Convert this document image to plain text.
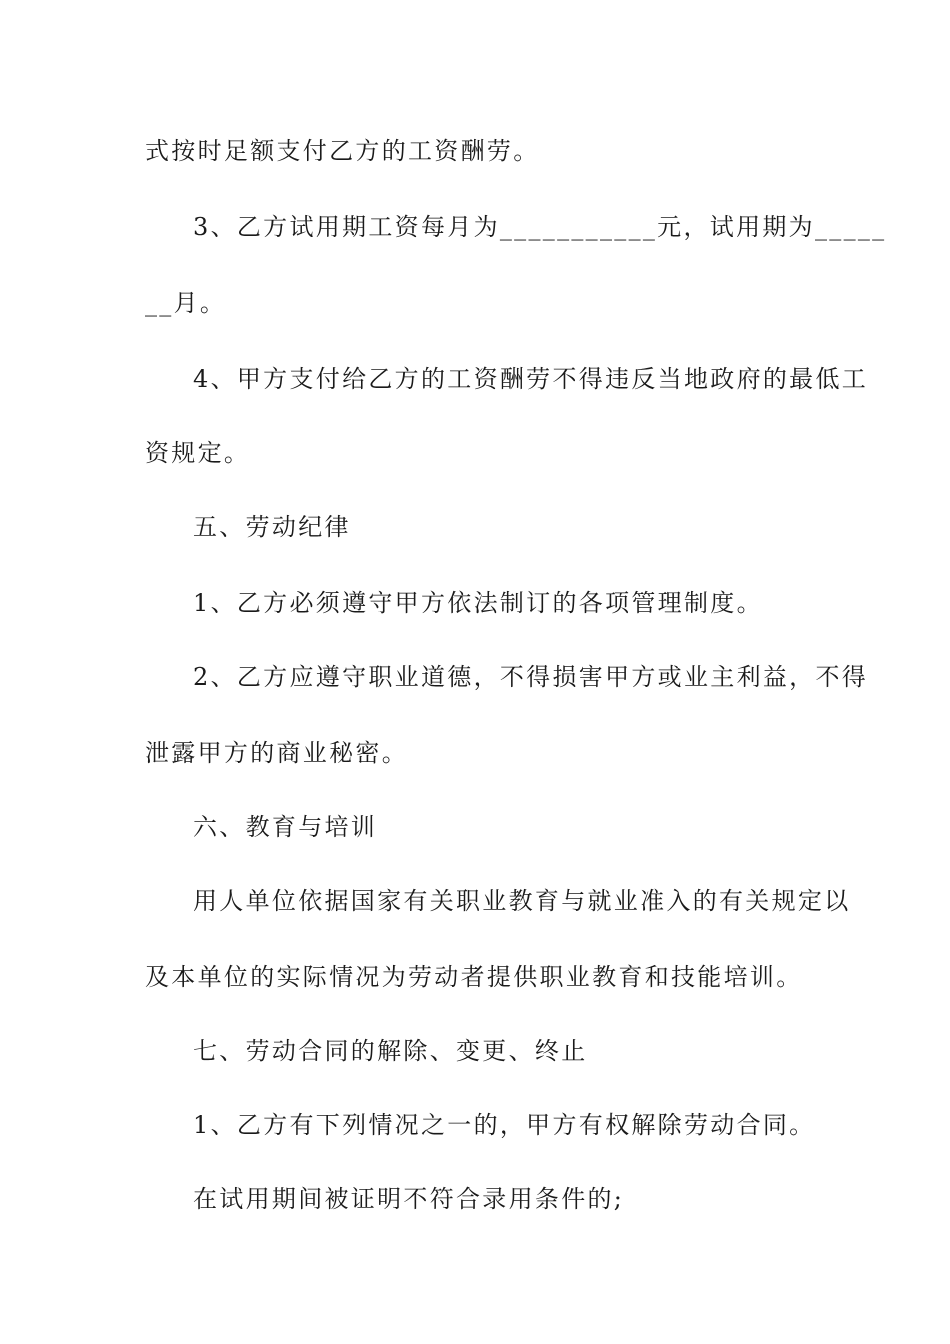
式按时足额支付乙方的工资酬劳。

3、乙方试用期工资每月为___________元，试用期为_____

__月。

4、甲方支付给乙方的工资酬劳不得违反当地政府的最低工

资规定。

五、劳动纪律

1、乙方必须遵守甲方依法制订的各项管理制度。

2、乙方应遵守职业道德，不得损害甲方或业主利益，不得

泄露甲方的商业秘密。

六、教育与培训

用人单位依据国家有关职业教育与就业准入的有关规定以

及本单位的实际情况为劳动者提供职业教育和技能培训。

七、劳动合同的解除、变更、终止

1、乙方有下列情况之一的，甲方有权解除劳动合同。

在试用期间被证明不符合录用条件的;
